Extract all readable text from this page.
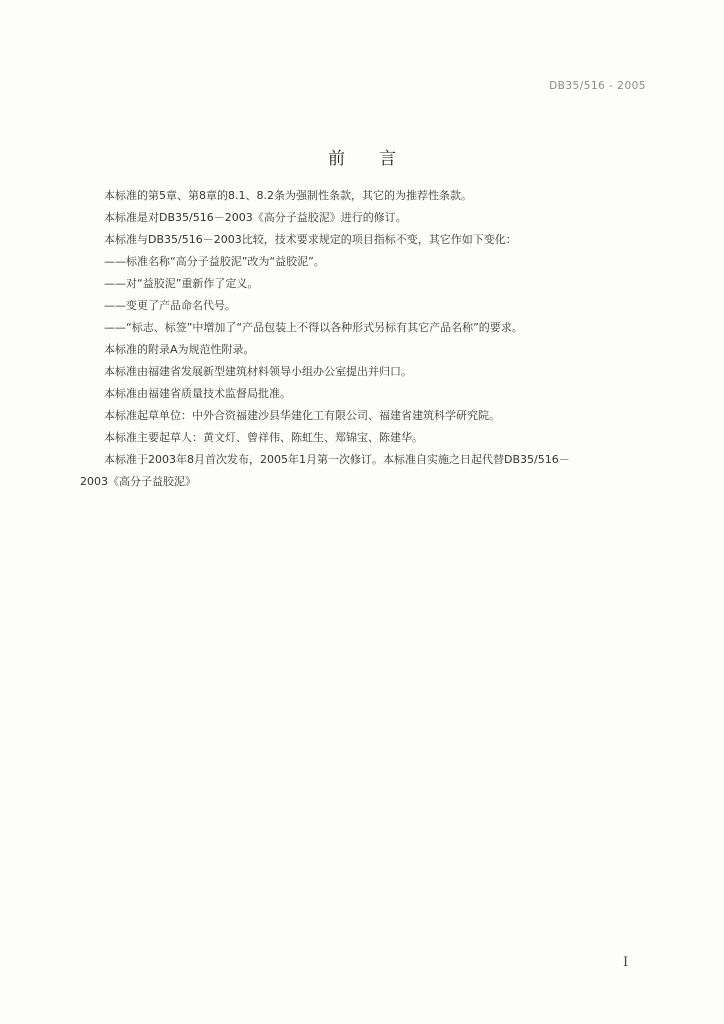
DB35/516 - 2005
前言

本标准的第5章、第8章的8.1、8.2条为强制性条款，其它的为推荐性条款。

本标准是对DB35/516－2003《高分子益胶泥》进行的修订。

本标准与DB35/516－2003比较，技术要求规定的项目指标不变，其它作如下变化：

——标准名称“高分子益胶泥”改为“益胶泥”。

——对“益胶泥”重新作了定义。

——变更了产品命名代号。

——“标志、标签”中增加了“产品包装上不得以各种形式另标有其它产品名称”的要求。

本标准的附录A为规范性附录。

本标准由福建省发展新型建筑材料领导小组办公室提出并归口。

本标准由福建省质量技术监督局批准。

本标准起草单位：中外合资福建沙县华建化工有限公司、福建省建筑科学研究院。

本标准主要起草人：黄文灯、曾祥伟、陈虹生、郑锦宝、陈建华。

本标准于2003年8月首次发布，2005年1月第一次修订。本标准自实施之日起代替DB35/516－

2003《高分子益胶泥》

I
